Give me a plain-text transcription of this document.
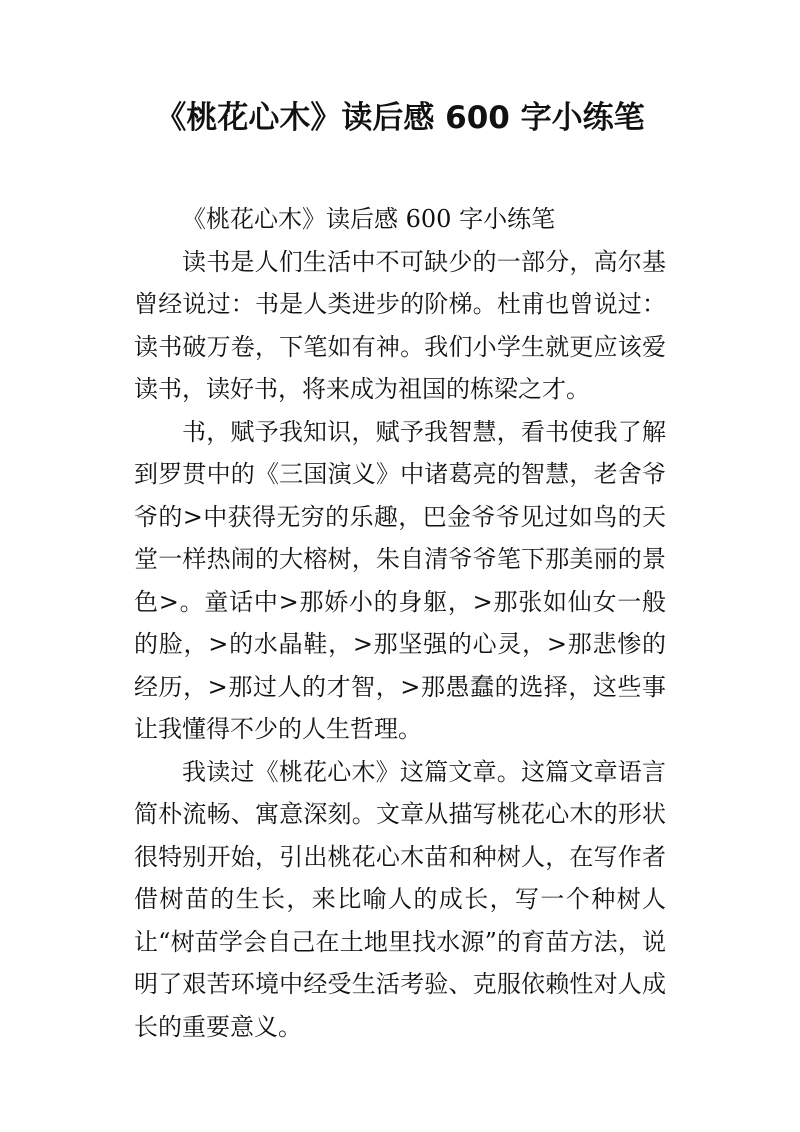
《桃花心木》读后感 600 字小练笔

《桃花心木》读后感 600 字小练笔

读书是人们生活中不可缺少的一部分，高尔基曾经说过：书是人类进步的阶梯。杜甫也曾说过：读书破万卷，下笔如有神。我们小学生就更应该爱读书，读好书，将来成为祖国的栋梁之才。

书，赋予我知识，赋予我智慧，看书使我了解到罗贯中的《三国演义》中诸葛亮的智慧，老舍爷爷的>中获得无穷的乐趣，巴金爷爷见过如鸟的天堂一样热闹的大榕树，朱自清爷爷笔下那美丽的景色>。童话中>那娇小的身躯，>那张如仙女一般的脸，>的水晶鞋，>那坚强的心灵，>那悲惨的经历，>那过人的才智，>那愚蠢的选择，这些事让我懂得不少的人生哲理。

我读过《桃花心木》这篇文章。这篇文章语言简朴流畅、寓意深刻。文章从描写桃花心木的形状很特别开始，引出桃花心木苗和种树人，在写作者借树苗的生长，来比喻人的成长，写一个种树人让“树苗学会自己在土地里找水源”的育苗方法，说明了艰苦环境中经受生活考验、克服依赖性对人成长的重要意义。
